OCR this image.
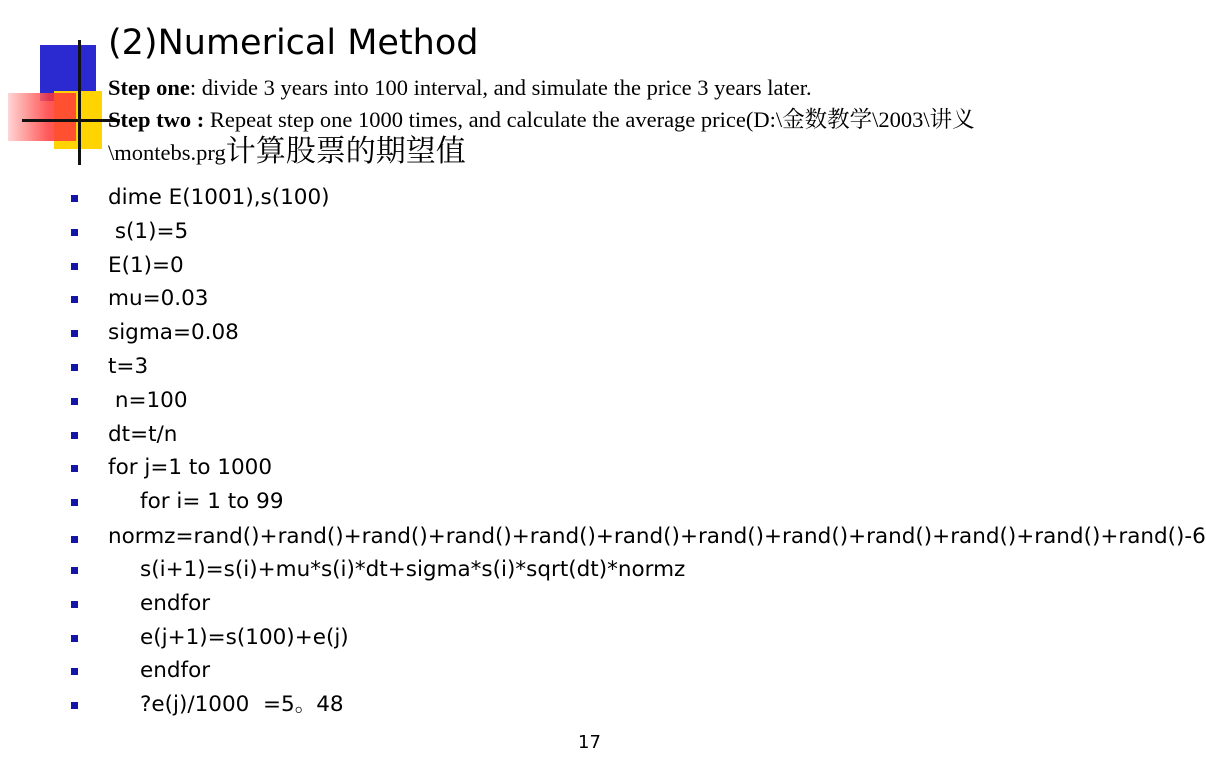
(2)Numerical Method

Step one: divide 3 years into 100 interval, and simulate the price 3 years later.

Step two : Repeat step one 1000 times, and calculate the average price(D:\金数教学\2003\讲义\montebs.prg计算股票的期望值

dime E(1001),s(100)
s(1)=5
E(1)=0
mu=0.03
sigma=0.08
t=3
n=100
dt=t/n
for j=1 to 1000
for i= 1 to 99
normz=rand()+rand()+rand()+rand()+rand()+rand()+rand()+rand()+rand()+rand()+rand()+rand()-6
s(i+1)=s(i)+mu*s(i)*dt+sigma*s(i)*sqrt(dt)*normz
endfor
e(j+1)=s(100)+e(j)
endfor
?e(j)/1000  =5。48
17
